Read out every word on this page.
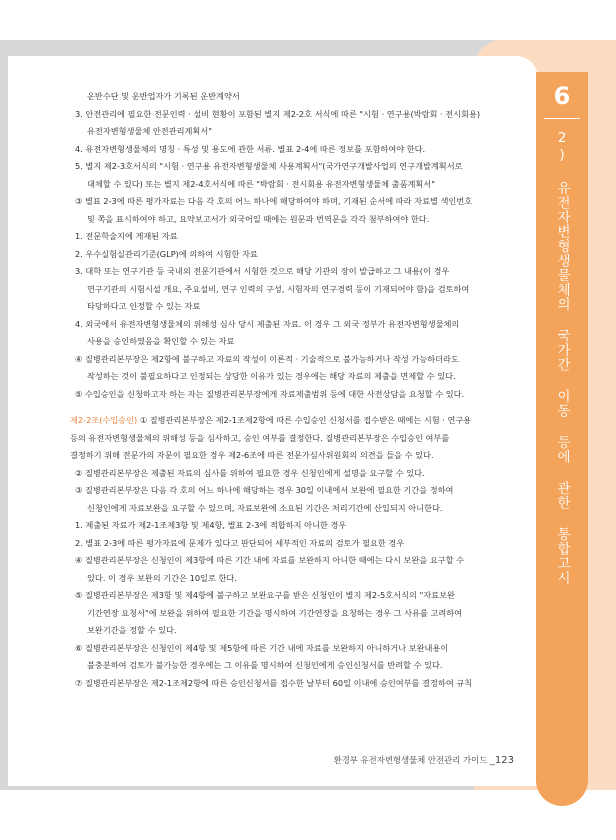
6
2) 유전자변형생물체의 국가간 이동 등에 관한 통합고시

운반수단 및 운반업자가 기록된 운반계약서

3. 안전관리에 필요한 전문인력 · 설비 현황이 포함된 별지 제2-2호 서식에 따른 "시험 · 연구용(박람회 · 전시회용)

유전자변형생물체 안전관리계획서"

4. 유전자변형생물체의 명칭 · 특성 및 용도에 관한 서류. 별표 2-4에 따른 정보를 포함하여야 한다.

5. 별지 제2-3호서식의 "시험 · 연구용 유전자변형생물체 사용계획서"(국가연구개발사업의 연구개발계획서로

대체할 수 있다) 또는 별지 제2-4호서식에 따른 "박람회 · 전시회용 유전자변형생물체 출품계획서"

③ 별표 2-3에 따른 평가자료는 다음 각 호의 어느 하나에 해당하여야 하며, 기재된 순서에 따라 자료별 색인번호

및 쪽을 표시하여야 하고, 요약보고서가 외국어일 때에는 원문과 번역문을 각각 첨부하여야 한다.

1. 전문학술지에 게재된 자료

2. 우수실험실관리기준(GLP)에 의하여 시험한 자료

3. 대학 또는 연구기관 등 국내외 전문기관에서 시험한 것으로 해당 기관의 장이 발급하고 그 내용(이 경우

연구기관의 시험시설 개요, 주요설비, 연구 인력의 구성, 시험자의 연구경력 등이 기재되어야 함)을 검토하여

타당하다고 인정할 수 있는 자료

4. 외국에서 유전자변형생물체의 위해성 심사 당시 제출된 자료. 이 경우 그 외국 정부가 유전자변형생물체의

사용을 승인하였음을 확인할 수 있는 자료

④ 질병관리본부장은 제2항에 불구하고 자료의 작성이 이론적 · 기술적으로 불가능하거나 작성 가능하더라도

작성하는 것이 불필요하다고 인정되는 상당한 이유가 있는 경우에는 해당 자료의 제출을 면제할 수 있다.

⑤ 수입승인을 신청하고자 하는 자는 질병관리본부장에게 자료제출범위 등에 대한 사전상담을 요청할 수 있다.

제2-2조(수입승인) ① 질병관리본부장은 제2-1조제2항에 따른 수입승인 신청서를 접수받은 때에는 시험 · 연구용

등의 유전자변형생물체의 위해성 등을 심사하고, 승인 여부를 결정한다. 질병관리본부장은 수입승인 여부를

결정하기 위해 전문가의 자문이 필요한 경우 제2-6조에 따른 전문가심사위원회의 의견을 들을 수 있다.

② 질병관리본부장은 제출된 자료의 심사를 위하여 필요한 경우 신청인에게 설명을 요구할 수 있다.

③ 질병관리본부장은 다음 각 호의 어느 하나에 해당하는 경우 30일 이내에서 보완에 필요한 기간을 정하여

신청인에게 자료보완을 요구할 수 있으며, 자료보완에 소요된 기간은 처리기간에 산입되지 아니한다.

1. 제출된 자료가 제2-1조제3항 및 제4항, 별표 2-3에 적합하지 아니한 경우

2. 별표 2-3에 따른 평가자료에 문제가 있다고 판단되어 세부적인 자료의 검토가 필요한 경우

④ 질병관리본부장은 신청인이 제3항에 따른 기간 내에 자료를 보완하지 아니한 때에는 다시 보완을 요구할 수

있다. 이 경우 보완의 기간은 10일로 한다.

⑤ 질병관리본부장은 제3항 및 제4항에 불구하고 보완요구를 받은 신청인이 별지 제2-5호서식의 "자료보완

기간연장 요청서"에 보완을 위하여 필요한 기간을 명시하여 기간연장을 요청하는 경우 그 사유를 고려하여

보완기간을 정할 수 있다.

⑥ 질병관리본부장은 신청인이 제4항 및 제5항에 따른 기간 내에 자료를 보완하지 아니하거나 보완내용이

불충분하여 검토가 불가능한 경우에는 그 이유를 명시하여 신청인에게 승인신청서를 반려할 수 있다.

⑦ 질병관리본부장은 제2-1조제2항에 따른 승인신청서를 접수한 날부터 60일 이내에 승인여부를 결정하여 규칙

환경부 유전자변형생물체 안전관리 가이드 _123
